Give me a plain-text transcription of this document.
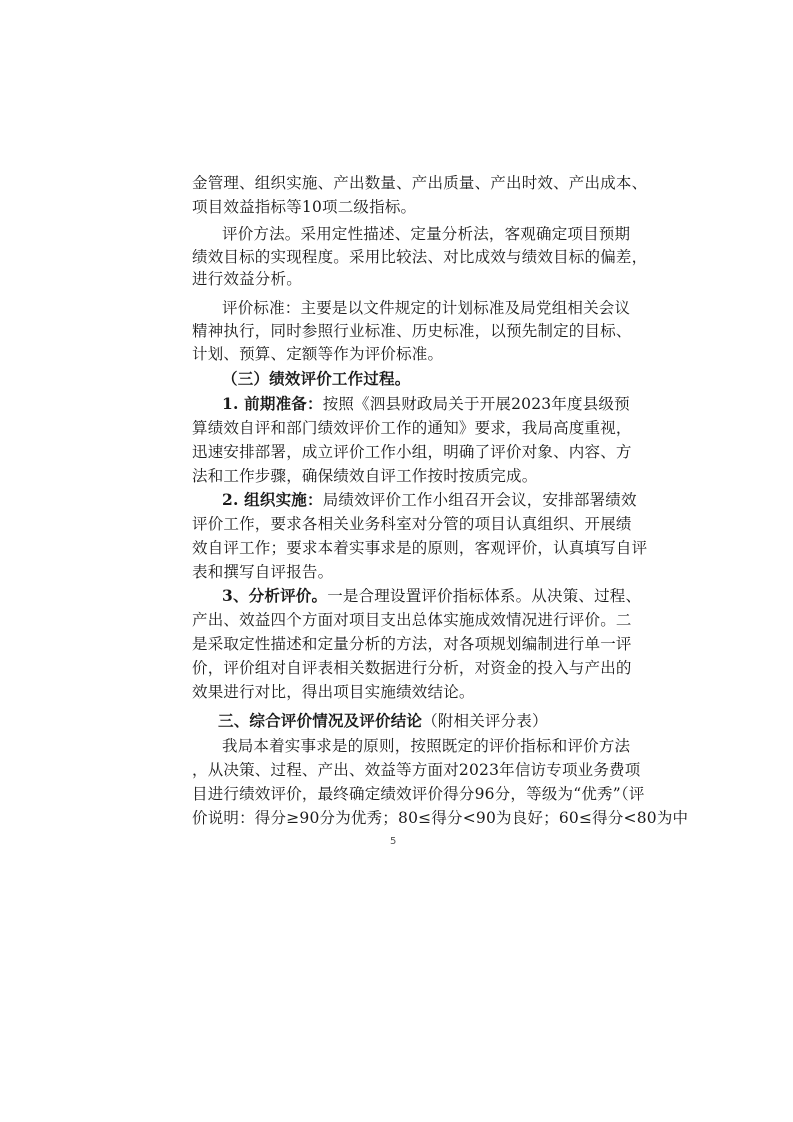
金管理、组织实施、产出数量、产出质量、产出时效、产出成本、
项目效益指标等10项二级指标。
评价方法。采用定性描述、定量分析法，客观确定项目预期
绩效目标的实现程度。采用比较法、对比成效与绩效目标的偏差，
进行效益分析。
评价标准：主要是以文件规定的计划标准及局党组相关会议
精神执行，同时参照行业标准、历史标准，以预先制定的目标、
计划、预算、定额等作为评价标准。
（三）绩效评价工作过程。
1. 前期准备：按照《泗县财政局关于开展2023年度县级预
算绩效自评和部门绩效评价工作的通知》要求，我局高度重视，
迅速安排部署，成立评价工作小组，明确了评价对象、内容、方
法和工作步骤，确保绩效自评工作按时按质完成。
2. 组织实施：局绩效评价工作小组召开会议，安排部署绩效
评价工作，要求各相关业务科室对分管的项目认真组织、开展绩
效自评工作；要求本着实事求是的原则，客观评价，认真填写自评
表和撰写自评报告。
3、分析评价。一是合理设置评价指标体系。从决策、过程、
产出、效益四个方面对项目支出总体实施成效情况进行评价。二
是采取定性描述和定量分析的方法，对各项规划编制进行单一评
价，评价组对自评表相关数据进行分析，对资金的投入与产出的
效果进行对比，得出项目实施绩效结论。
三、综合评价情况及评价结论（附相关评分表）
我局本着实事求是的原则，按照既定的评价指标和评价方法
，从决策、过程、产出、效益等方面对2023年信访专项业务费项
目进行绩效评价，最终确定绩效评价得分96分，等级为“优秀”（评
价说明：得分≥90分为优秀；80≤得分<90为良好；60≤得分<80为中
5
